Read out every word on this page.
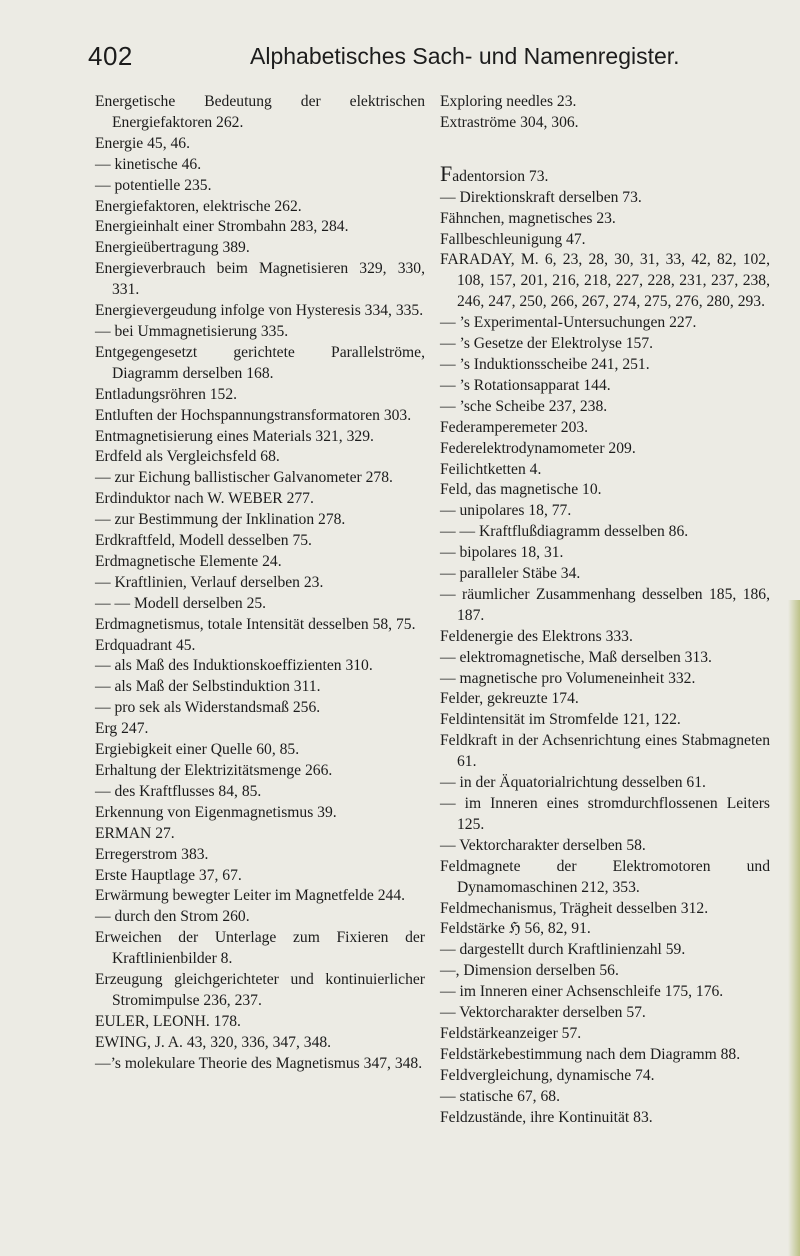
402	Alphabetisches Sach- und Namenregister.
Energetische Bedeutung der elektrischen Energiefaktoren 262.
Energie 45, 46.
— kinetische 46.
— potentielle 235.
Energiefaktoren, elektrische 262.
Energieinhalt einer Strombahn 283, 284.
Energieübertragung 389.
Energieverbrauch beim Magnetisieren 329, 330, 331.
Energievergeudung infolge von Hysteresis 334, 335.
— bei Ummagnetisierung 335.
Entgegengesetzt gerichtete Parallelströme, Diagramm derselben 168.
Entladungsröhren 152.
Entluften der Hochspannungstransformatoren 303.
Entmagnetisierung eines Materials 321, 329.
Erdfeld als Vergleichsfeld 68.
— zur Eichung ballistischer Galvanometer 278.
Erdinduktor nach W. WEBER 277.
— zur Bestimmung der Inklination 278.
Erdkraftfeld, Modell desselben 75.
Erdmagnetische Elemente 24.
— Kraftlinien, Verlauf derselben 23.
— — Modell derselben 25.
Erdmagnetismus, totale Intensität desselben 58, 75.
Erdquadrant 45.
— als Maß des Induktionskoeffizienten 310.
— als Maß der Selbstinduktion 311.
— pro sek als Widerstandsmaß 256.
Erg 247.
Ergiebigkeit einer Quelle 60, 85.
Erhaltung der Elektrizitätsmenge 266.
— des Kraftflusses 84, 85.
Erkennung von Eigenmagnetismus 39.
ERMAN 27.
Erregerstrom 383.
Erste Hauptlage 37, 67.
Erwärmung bewegter Leiter im Magnetfelde 244.
— durch den Strom 260.
Erweichen der Unterlage zum Fixieren der Kraftlinienbilder 8.
Erzeugung gleichgerichteter und kontinuierlicher Stromimpulse 236, 237.
EULER, LEONH. 178.
EWING, J. A. 43, 320, 336, 347, 348.
—’s molekulare Theorie des Magnetismus 347, 348.
Exploring needles 23.
Extraströme 304, 306.
Fadentorsion 73.
— Direktionskraft derselben 73.
Fähnchen, magnetisches 23.
Fallbeschleunigung 47.
FARADAY, M. 6, 23, 28, 30, 31, 33, 42, 82, 102, 108, 157, 201, 216, 218, 227, 228, 231, 237, 238, 246, 247, 250, 266, 267, 274, 275, 276, 280, 293.
— ’s Experimental-Untersuchungen 227.
— ’s Gesetze der Elektrolyse 157.
— ’s Induktionsscheibe 241, 251.
— ’s Rotationsapparat 144.
— ’sche Scheibe 237, 238.
Federamperemeter 203.
Federelektrodynamometer 209.
Feilichtketten 4.
Feld, das magnetische 10.
— unipolares 18, 77.
— — Kraftflußdiagramm desselben 86.
— bipolares 18, 31.
— paralleler Stäbe 34.
— räumlicher Zusammenhang desselben 185, 186, 187.
Feldenergie des Elektrons 333.
— elektromagnetische, Maß derselben 313.
— magnetische pro Volumeneinheit 332.
Felder, gekreuzte 174.
Feldintensität im Stromfelde 121, 122.
Feldkraft in der Achsenrichtung eines Stabmagneten 61.
— in der Äquatorialrichtung desselben 61.
— im Inneren eines stromdurchflossenen Leiters 125.
— Vektorcharakter derselben 58.
Feldmagnete der Elektromotoren und Dynamomaschinen 212, 353.
Feldmechanismus, Trägheit desselben 312.
Feldstärke ℌ 56, 82, 91.
— dargestellt durch Kraftlinienzahl 59.
—, Dimension derselben 56.
— im Inneren einer Achsenschleife 175, 176.
— Vektorcharakter derselben 57.
Feldstärkeanzeiger 57.
Feldstärkebestimmung nach dem Diagramm 88.
Feldvergleichung, dynamische 74.
— statische 67, 68.
Feldzustände, ihre Kontinuität 83.
